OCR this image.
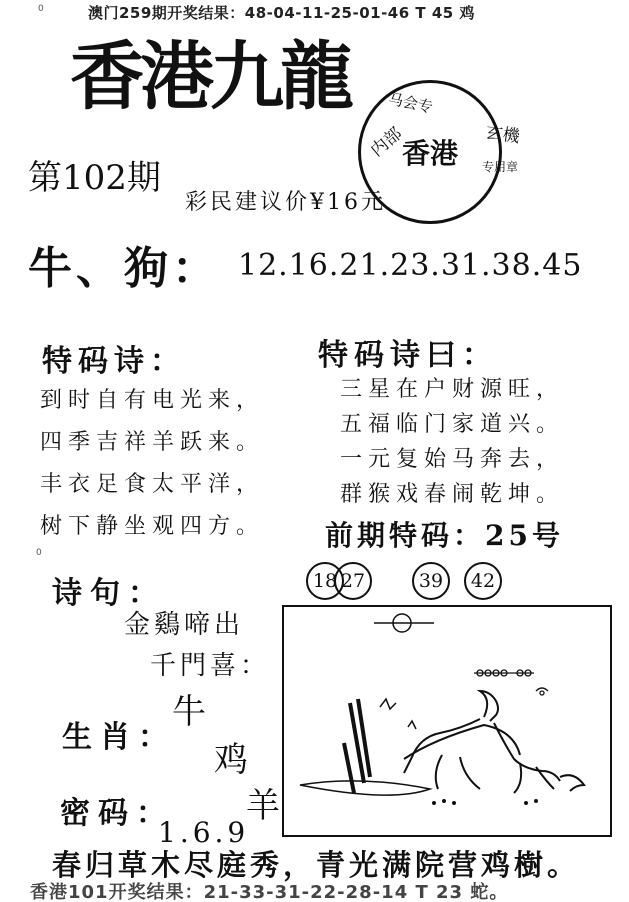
0	澳门259期开奖结果：48-04-11-25-01-46 T 45 鸡
香港九龍 马会专
内部
香港
玄機
专用章
第102期
彩民建议价¥16元
牛、狗： 12.16.21.23.31.38.45
特码诗：
到时自有电光来，
四季吉祥羊跃来。
丰衣足食太平洋，
树下静坐观四方。
特码诗曰：
三星在户财源旺，
五福临门家道兴。
一元复始马奔去，
群猴戏春闹乾坤。
前期特码：25号
18 27	39	42
0
诗句：
金鷄啼出
千門喜：
生肖：
牛
鸡
羊
密码：
1.6.9
春归草木尽庭秀，青光满院营鸡樹。
香港101开奖结果：21-33-31-22-28-14 T 23 蛇。
